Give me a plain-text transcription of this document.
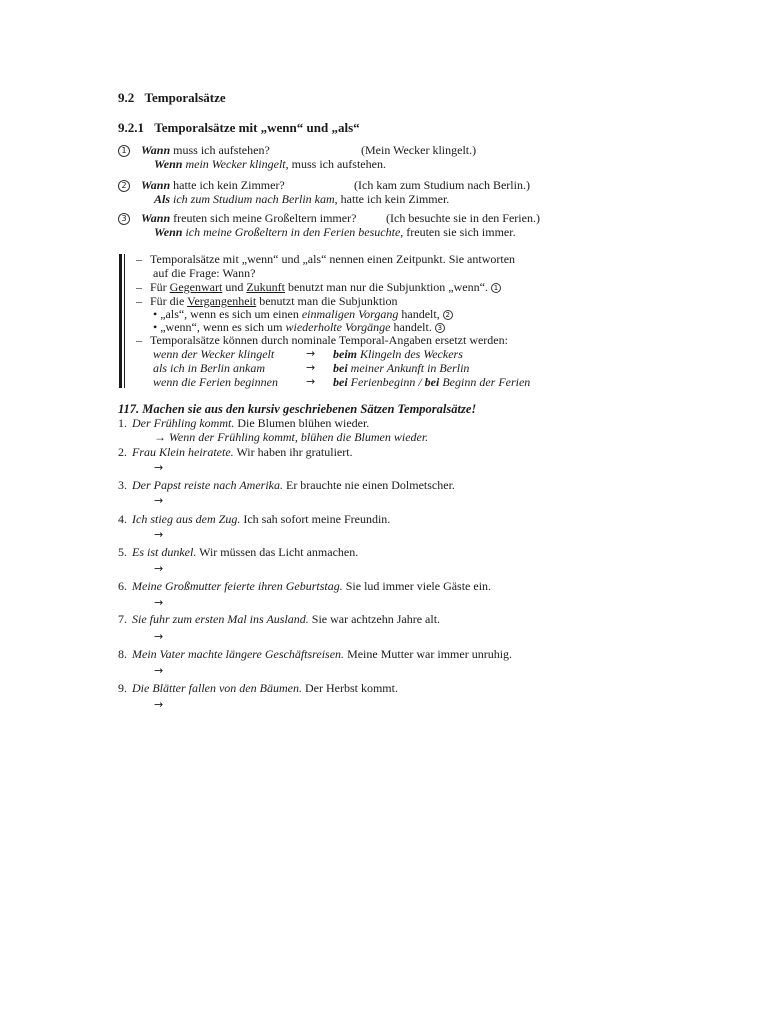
9.2 Temporalsätze
9.2.1 Temporalsätze mit „wenn“ und „als“
1 Wann muss ich aufstehen?	(Mein Wecker klingelt.)
Wenn mein Wecker klingelt, muss ich aufstehen.
2 Wann hatte ich kein Zimmer?	(Ich kam zum Studium nach Berlin.)
Als ich zum Studium nach Berlin kam, hatte ich kein Zimmer.
3 Wann freuten sich meine Großeltern immer? (Ich besuchte sie in den Ferien.)
Wenn ich meine Großeltern in den Ferien besuchte, freuten sie sich immer.
– Temporalsätze mit „wenn“ und „als“ nennen einen Zeitpunkt. Sie antworten
auf die Frage: Wann?
– Für Gegenwart und Zukunft benutzt man nur die Subjunktion „wenn“. 1
– Für die Vergangenheit benutzt man die Subjunktion
• „als“, wenn es sich um einen einmaligen Vorgang handelt, 2
• „wenn“, wenn es sich um wiederholte Vorgänge handelt. 3
– Temporalsätze können durch nominale Temporal-Angaben ersetzt werden:
wenn der Wecker klingelt	→ beim Klingeln des Weckers
als ich in Berlin ankam	→ bei meiner Ankunft in Berlin
wenn die Ferien beginnen	→ bei Ferienbeginn / bei Beginn der Ferien
117. Machen sie aus den kursiv geschriebenen Sätzen Temporalsätze!
1. Der Frühling kommt. Die Blumen blühen wieder.
→ Wenn der Frühling kommt, blühen die Blumen wieder.
2. Frau Klein heiratete. Wir haben ihr gratuliert.
→
3. Der Papst reiste nach Amerika. Er brauchte nie einen Dolmetscher.
→
4. Ich stieg aus dem Zug. Ich sah sofort meine Freundin.
→
5. Es ist dunkel. Wir müssen das Licht anmachen.
→
6. Meine Großmutter feierte ihren Geburtstag. Sie lud immer viele Gäste ein.
→
7. Sie fuhr zum ersten Mal ins Ausland. Sie war achtzehn Jahre alt.
→
8. Mein Vater machte längere Geschäftsreisen. Meine Mutter war immer unruhig.
→
9. Die Blätter fallen von den Bäumen. Der Herbst kommt.
→
